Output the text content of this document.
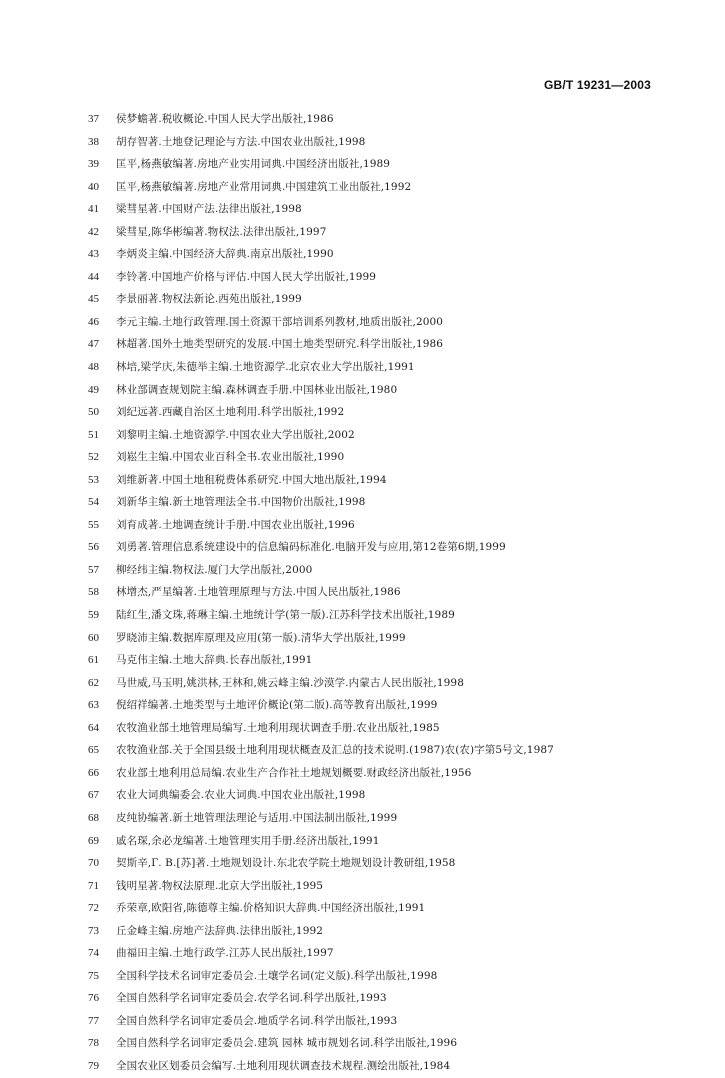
GB/T 19231—2003
37 侯梦蟾著.税收概论.中国人民大学出版社,1986
38 胡存智著.土地登记理论与方法.中国农业出版社,1998
39 匡平,杨燕敏编著.房地产业实用词典.中国经济出版社,1989
40 匡平,杨燕敏编著.房地产业常用词典.中国建筑工业出版社,1992
41 梁彗星著.中国财产法.法律出版社,1998
42 梁彗星,陈华彬编著.物权法.法律出版社,1997
43 李炳炎主编.中国经济大辞典.南京出版社,1990
44 李铃著.中国地产价格与评估.中国人民大学出版社,1999
45 李景丽著.物权法新论.西苑出版社,1999
46 李元主编.土地行政管理.国土资源干部培训系列教材,地质出版社,2000
47 林超著.国外土地类型研究的发展.中国土地类型研究.科学出版社,1986
48 林培,梁学庆,朱德举主编.土地资源学.北京农业大学出版社,1991
49 林业部调查规划院主编.森林调查手册.中国林业出版社,1980
50 刘纪远著.西藏自治区土地利用.科学出版社,1992
51 刘黎明主编.土地资源学.中国农业大学出版社,2002
52 刘崧生主编.中国农业百科全书.农业出版社,1990
53 刘维新著.中国土地租税费体系研究.中国大地出版社,1994
54 刘新华主编.新土地管理法全书.中国物价出版社,1998
55 刘育成著.土地调查统计手册.中国农业出版社,1996
56 刘勇著.管理信息系统建设中的信息编码标准化.电脑开发与应用,第12卷第6期,1999
57 柳经纬主编.物权法.厦门大学出版社,2000
58 林增杰,严星编著.土地管理原理与方法.中国人民出版社,1986
59 陆红生,潘文珠,蒋琳主编.土地统计学(第一版).江苏科学技术出版社,1989
60 罗晓沛主编.数据库原理及应用(第一版).清华大学出版社,1999
61 马克伟主编.土地大辞典.长春出版社,1991
62 马世威,马玉明,姚洪林,王林和,姚云峰主编.沙漠学.内蒙古人民出版社,1998
63 倪绍祥编著.土地类型与土地评价概论(第二版).高等教育出版社,1999
64 农牧渔业部土地管理局编写.土地利用现状调查手册.农业出版社,1985
65 农牧渔业部.关于全国县级土地利用现状概查及汇总的技术说明.(1987)农(农)字第5号文,1987
66 农业部土地利用总局编.农业生产合作社土地规划概要.财政经济出版社,1956
67 农业大词典编委会.农业大词典.中国农业出版社,1998
68 皮纯协编著.新土地管理法理论与适用.中国法制出版社,1999
69 戚名琛,余必龙编著.土地管理实用手册.经济出版社,1991
70 契斯辛,Г. В.[苏]著.土地规划设计.东北农学院土地规划设计教研组,1958
71 钱明星著.物权法原理.北京大学出版社,1995
72 乔荣章,欧阳省,陈德尊主编.价格知识大辞典.中国经济出版社,1991
73 丘金峰主编.房地产法辞典.法律出版社,1992
74 曲福田主编.土地行政学.江苏人民出版社,1997
75 全国科学技术名词审定委员会.土壤学名词(定义版).科学出版社,1998
76 全国自然科学名词审定委员会.农学名词.科学出版社,1993
77 全国自然科学名词审定委员会.地质学名词.科学出版社,1993
78 全国自然科学名词审定委员会.建筑 园林 城市规划名词.科学出版社,1996
79 全国农业区划委员会编写.土地利用现状调查技术规程.测绘出版社,1984
